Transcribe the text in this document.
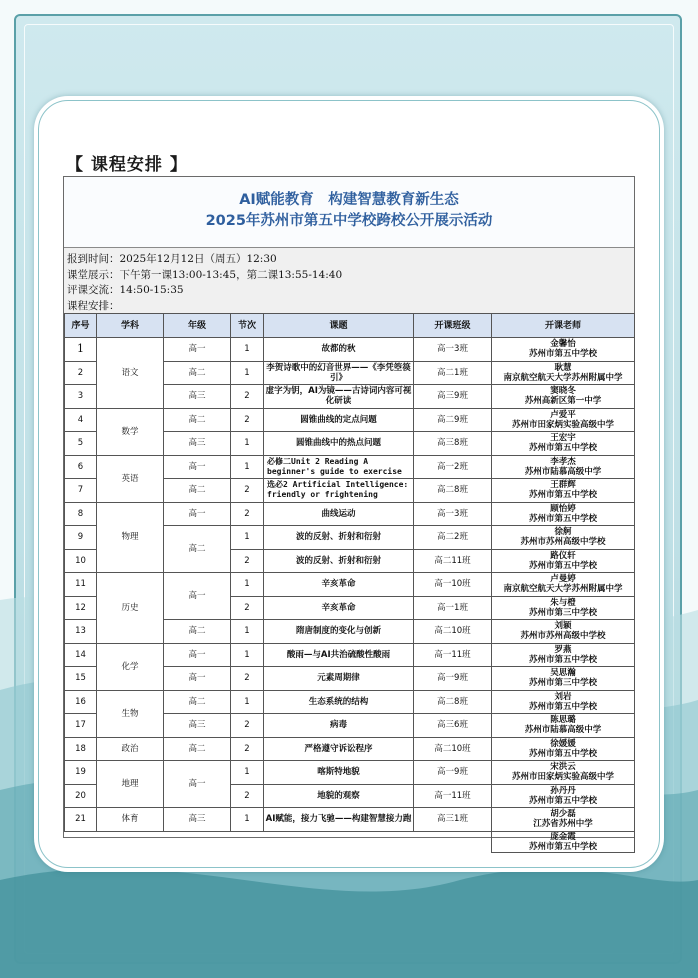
【 课程安排 】
AI赋能教育　构建智慧教育新生态
2025年苏州市第五中学校跨校公开展示活动
报到时间：2025年12月12日（周五）12:30
课堂展示：下午第一课13:00-13:45，第二课13:55-14:40
评课交流：14:50-15:35
课程安排：
序号	学科	年级	节次	课题	开课班级	开课老师
1	语文	高一	1	故都的秋	高一3班	金馨怡
苏州市第五中学校

2		高二	1	李贺诗歌中的幻音世界——《李凭箜篌引》	高二1班	耿慧
南京航空航天大学苏州附属中学

3		高三	2	虚字为钥，AI为镜——古诗词内容可视化研读	高三9班	窦晓冬
苏州高新区第一中学

4	数学	高二	2	圆锥曲线的定点问题	高二9班	卢爱平
苏州市田家炳实验高级中学

5		高三	1	圆锥曲线中的热点问题	高三8班	王宏宇
苏州市第五中学校

6	英语	高一	1	必修二Unit 2 Reading A beginner's guide to exercise	高一2班	李孝杰
苏州市陆慕高级中学

7		高二	2	选必2 Artificial Intelligence: friendly or frightening	高二8班	王群辉
苏州市第五中学校

8	物理	高一	2	曲线运动	高一3班	顾怡婷
苏州市第五中学校

9		高二	1	波的反射、折射和衍射	高二2班	徐舸
苏州市苏州高级中学校

10			2	波的反射、折射和衍射	高二11班	路仪轩
苏州市第五中学校

11	历史	高一	1	辛亥革命	高一10班	卢曼婷
南京航空航天大学苏州附属中学

12			2	辛亥革命	高一1班	朱与橙
苏州市第三中学校

13		高二	1	隋唐制度的变化与创新	高二10班	刘颖
苏州市苏州高级中学校

14	化学	高一	1	酸雨—与AI共治硫酸性酸雨	高一11班	罗燕
苏州市第五中学校

15		高一	2	元素周期律	高一9班	吴思瀚
苏州市第三中学校

16	生物	高二	1	生态系统的结构	高二8班	刘岩
苏州市第五中学校

17		高三	2	病毒	高三6班	陈思璐
苏州市陆慕高级中学

18	政治	高二	2	严格遵守诉讼程序	高二10班	徐媛媛
苏州市第五中学校

19	地理	高一	1	喀斯特地貌	高一9班	宋洪云
苏州市田家炳实验高级中学

20			2	地貌的观察	高一11班	孙丹丹
苏州市第五中学校

21	体育	高三	1	AI赋能，接力飞驰——构建智慧接力跑	高三1班	胡少磊
江苏省苏州中学

						庞金霞
苏州市第五中学校
